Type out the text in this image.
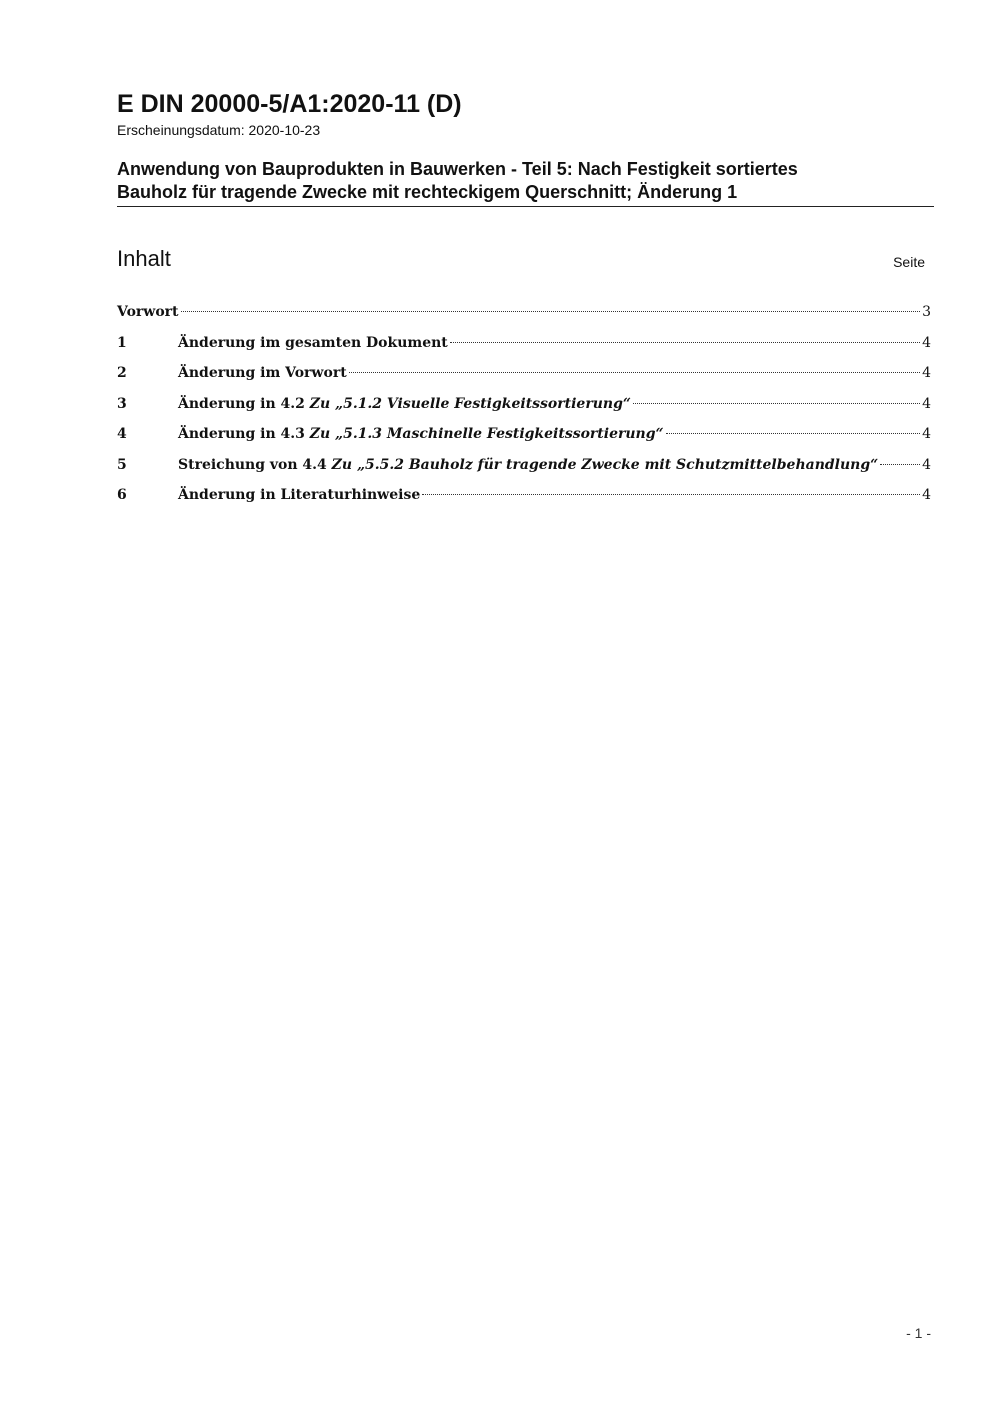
E DIN 20000-5/A1:2020-11 (D)
Erscheinungsdatum: 2020-10-23
Anwendung von Bauprodukten in Bauwerken - Teil 5: Nach Festigkeit sortiertes
Bauholz für tragende Zwecke mit rechteckigem Querschnitt; Änderung 1
Inhalt	Seite
Vorwort	3
1	Änderung im gesamten Dokument	4
2	Änderung im Vorwort	4
3	Änderung in 4.2 Zu „5.1.2 Visuelle Festigkeitssortierung“	4
4	Änderung in 4.3 Zu „5.1.3 Maschinelle Festigkeitssortierung“	4
5	Streichung von 4.4 Zu „5.5.2 Bauholz für tragende Zwecke mit Schutzmittelbehandlung“	4
6	Änderung in Literaturhinweise	4
- 1 -
